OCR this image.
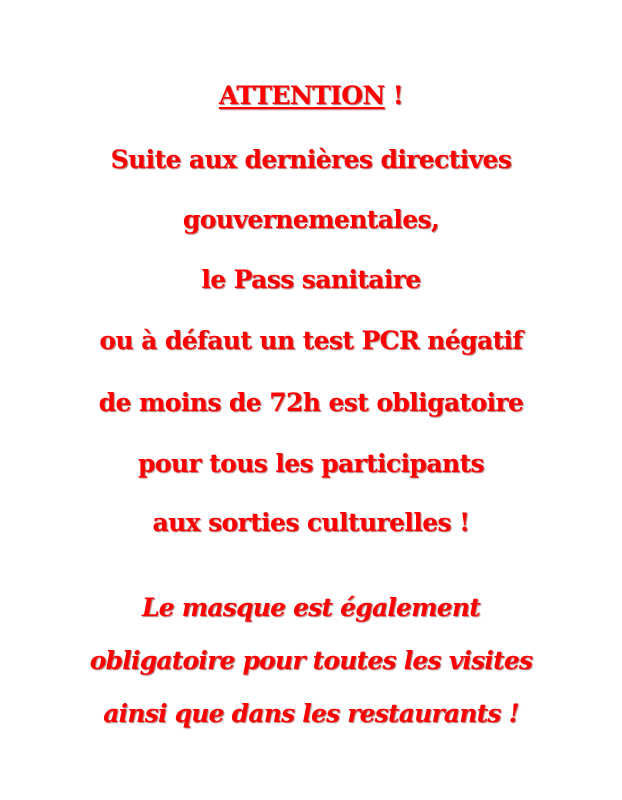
ATTENTION !
Suite aux dernières directives
gouvernementales,
le Pass sanitaire
ou à défaut un test PCR négatif
de moins de 72h est obligatoire
pour tous les participants
aux sorties culturelles !
Le masque est également
obligatoire pour toutes les visites
ainsi que dans les restaurants !
